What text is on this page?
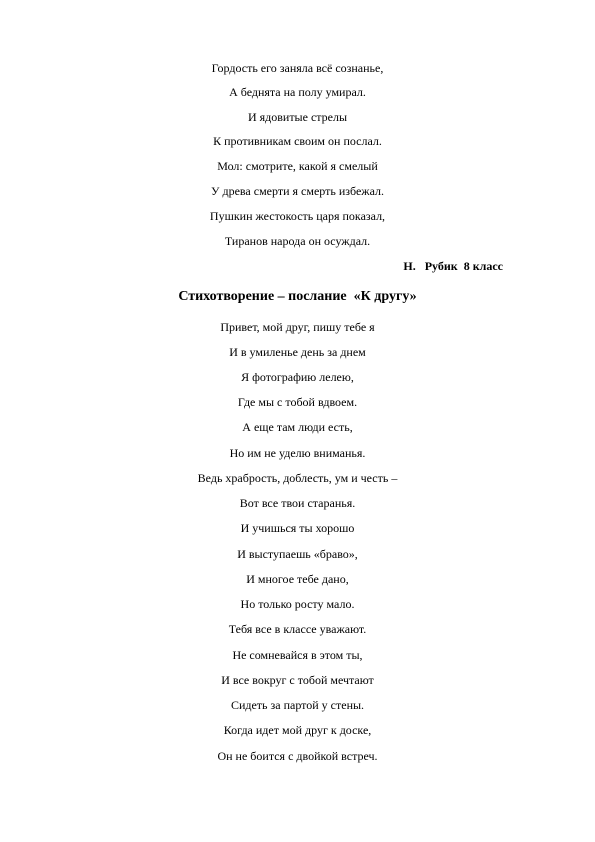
Гордость его заняла всё сознанье,
А беднята на полу умирал.
И ядовитые стрелы
К противникам своим он послал.
Мол: смотрите, какой я смелый
У древа смерти я смерть избежал.
Пушкин жестокость царя показал,
Тиранов народа он осуждал.
Н.   Рубик  8 класс
Стихотворение – послание  «К другу»
Привет, мой друг, пишу тебе я
И в умиленье день за днем
Я фотографию лелею,
Где мы с тобой вдвоем.
А еще там люди есть,
Но им не уделю вниманья.
Ведь храбрость, доблесть, ум и честь –
Вот все твои старанья.
И учишься ты хорошо
И выступаешь «браво»,
И многое тебе дано,
Но только росту мало.
Тебя все в классе уважают.
Не сомневайся в этом ты,
И все вокруг с тобой мечтают
Сидеть за партой у стены.
Когда идет мой друг к доске,
Он не боится с двойкой встреч.
